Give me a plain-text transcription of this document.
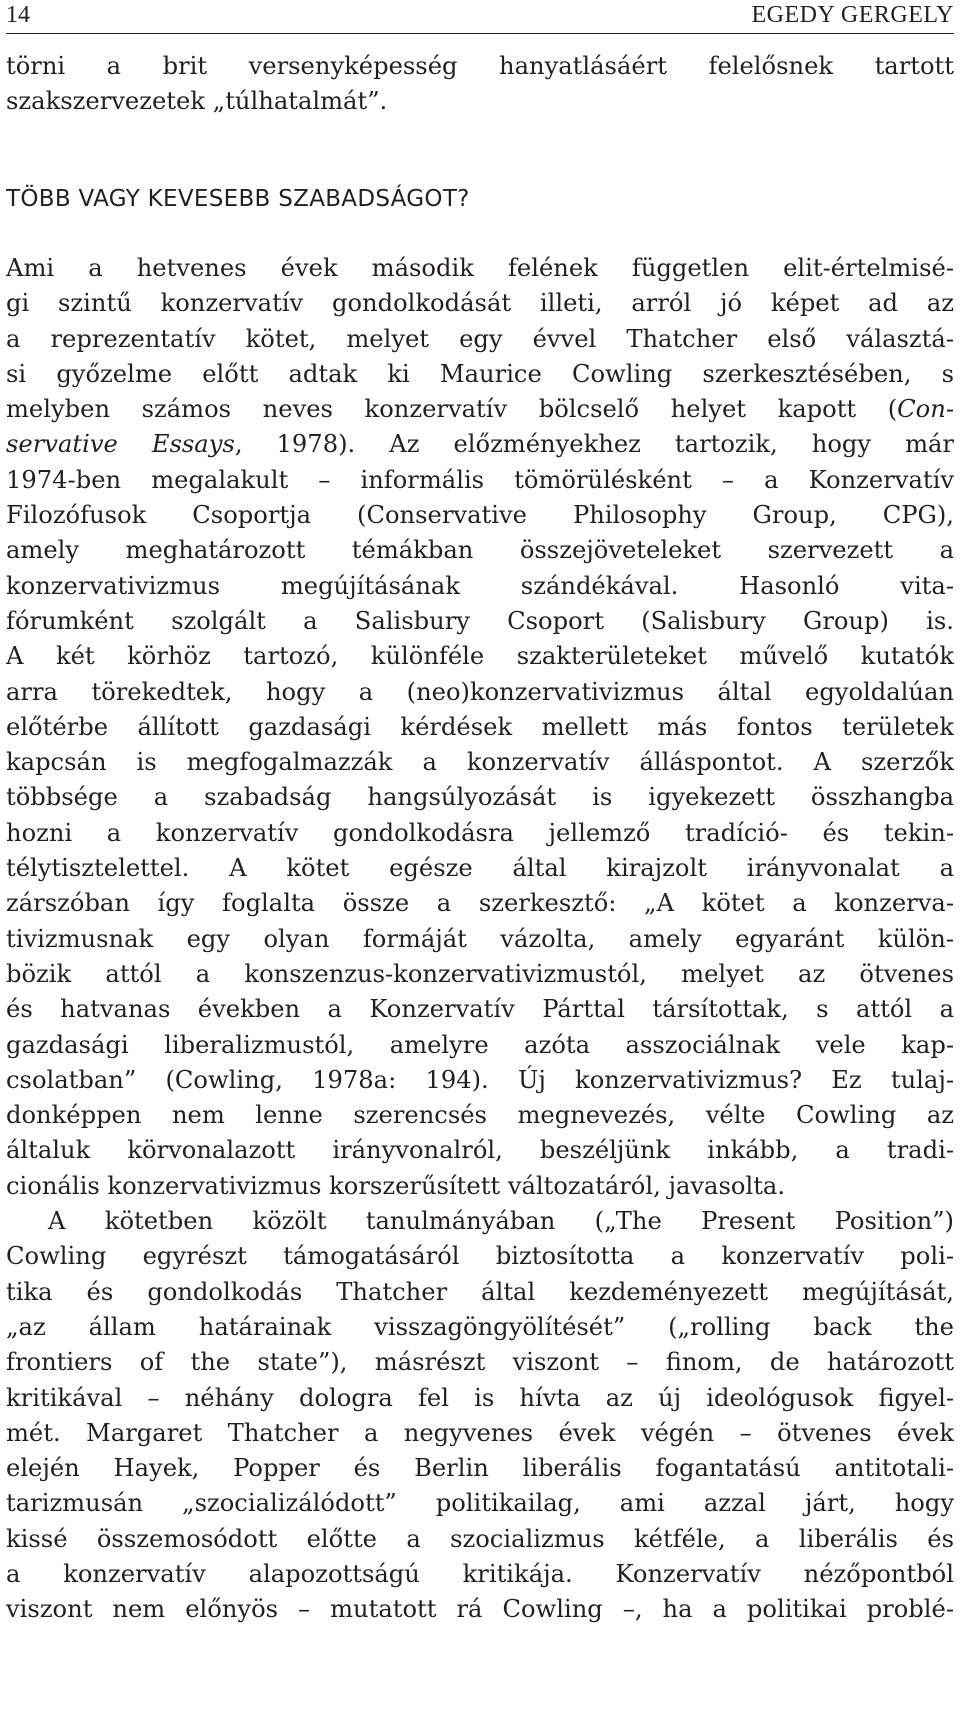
14	EGEDY GERGELY
törni a brit versenyképesség hanyatlásáért felelősnek tartott
szakszervezetek „túlhatalmát”.
TÖBB VAGY KEVESEBB SZABADSÁGOT?
Ami a hetvenes évek második felének független elit-értelmisé-
gi szintű konzervatív gondolkodását illeti, arról jó képet ad az
a reprezentatív kötet, melyet egy évvel Thatcher első választá-
si győzelme előtt adtak ki Maurice Cowling szerkesztésében, s
melyben számos neves konzervatív bölcselő helyet kapott (Con-
servative Essays, 1978). Az előzményekhez tartozik, hogy már
1974-ben megalakult – informális tömörülésként – a Konzervatív
Filozófusok Csoportja (Conservative Philosophy Group, CPG),
amely meghatározott témákban összejöveteleket szervezett a
konzervativizmus megújításának szándékával. Hasonló vita-
fórumként szolgált a Salisbury Csoport (Salisbury Group) is.
A két körhöz tartozó, különféle szakterületeket művelő kutatók
arra törekedtek, hogy a (neo)konzervativizmus által egyoldalúan
előtérbe állított gazdasági kérdések mellett más fontos területek
kapcsán is megfogalmazzák a konzervatív álláspontot. A szerzők
többsége a szabadság hangsúlyozását is igyekezett összhangba
hozni a konzervatív gondolkodásra jellemző tradíció- és tekin-
télytisztelettel. A kötet egésze által kirajzolt irányvonalat a
zárszóban így foglalta össze a szerkesztő: „A kötet a konzerva-
tivizmusnak egy olyan formáját vázolta, amely egyaránt külön-
bözik attól a konszenzus-konzervativizmustól, melyet az ötvenes
és hatvanas években a Konzervatív Párttal társítottak, s attól a
gazdasági liberalizmustól, amelyre azóta asszociálnak vele kap-
csolatban” (Cowling, 1978a: 194). Új konzervativizmus? Ez tulaj-
donképpen nem lenne szerencsés megnevezés, vélte Cowling az
általuk körvonalazott irányvonalról, beszéljünk inkább, a tradi-
cionális konzervativizmus korszerűsített változatáról, javasolta.
A kötetben közölt tanulmányában („The Present Position”)
Cowling egyrészt támogatásáról biztosította a konzervatív poli-
tika és gondolkodás Thatcher által kezdeményezett megújítását,
„az állam határainak visszagöngyölítését” („rolling back the
frontiers of the state”), másrészt viszont – finom, de határozott
kritikával – néhány dologra fel is hívta az új ideológusok figyel-
mét. Margaret Thatcher a negyvenes évek végén – ötvenes évek
elején Hayek, Popper és Berlin liberális fogantatású antitotali-
tarizmusán „szocializálódott” politikailag, ami azzal járt, hogy
kissé összemosódott előtte a szocializmus kétféle, a liberális és
a konzervatív alapozottságú kritikája. Konzervatív nézőpontból
viszont nem előnyös – mutatott rá Cowling –, ha a politikai problé-
